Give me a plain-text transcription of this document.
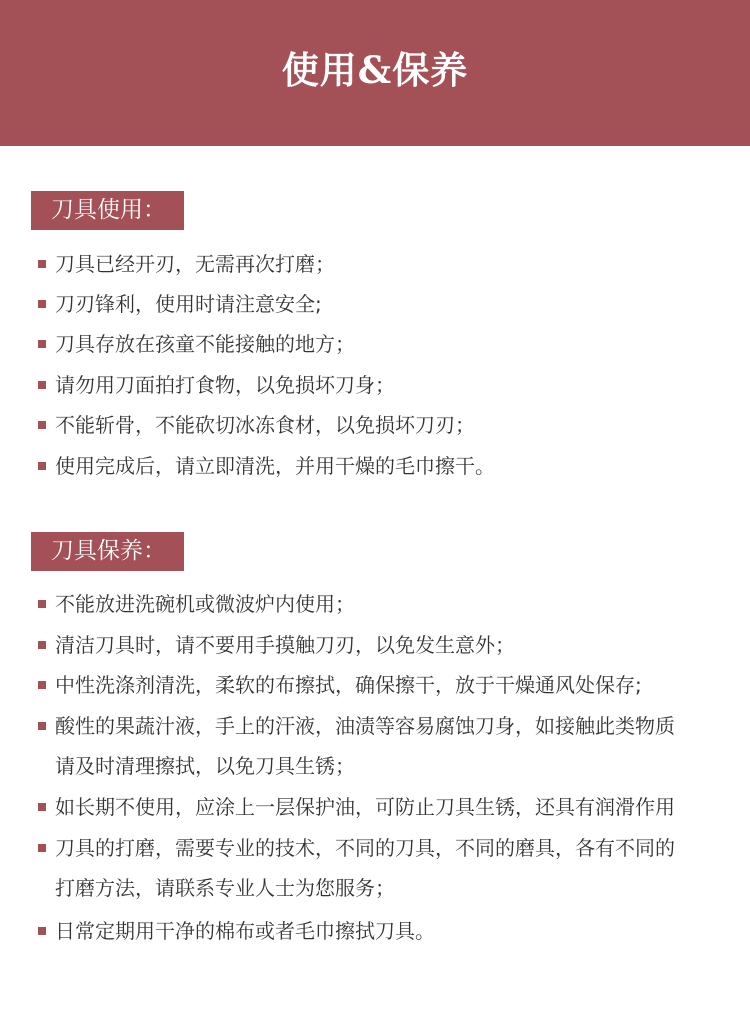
使用&保养
刀具使用：
刀具已经开刃，无需再次打磨；
刀刃锋利，使用时请注意安全;
刀具存放在孩童不能接触的地方；
请勿用刀面拍打食物，以免损坏刀身；
不能斩骨，不能砍切冰冻食材，以免损坏刀刃；
使用完成后，请立即清洗，并用干燥的毛巾擦干。
刀具保养：
不能放进洗碗机或微波炉内使用；
清洁刀具时，请不要用手摸触刀刃，以免发生意外；
中性洗涤剂清洗，柔软的布擦拭，确保擦干，放于干燥通风处保存;
酸性的果蔬汁液，手上的汗液，油渍等容易腐蚀刀身，如接触此类物质
请及时清理擦拭，以免刀具生锈；
如长期不使用，应涂上一层保护油，可防止刀具生锈，还具有润滑作用
刀具的打磨，需要专业的技术，不同的刀具，不同的磨具，各有不同的
打磨方法，请联系专业人士为您服务；
日常定期用干净的棉布或者毛巾擦拭刀具。
